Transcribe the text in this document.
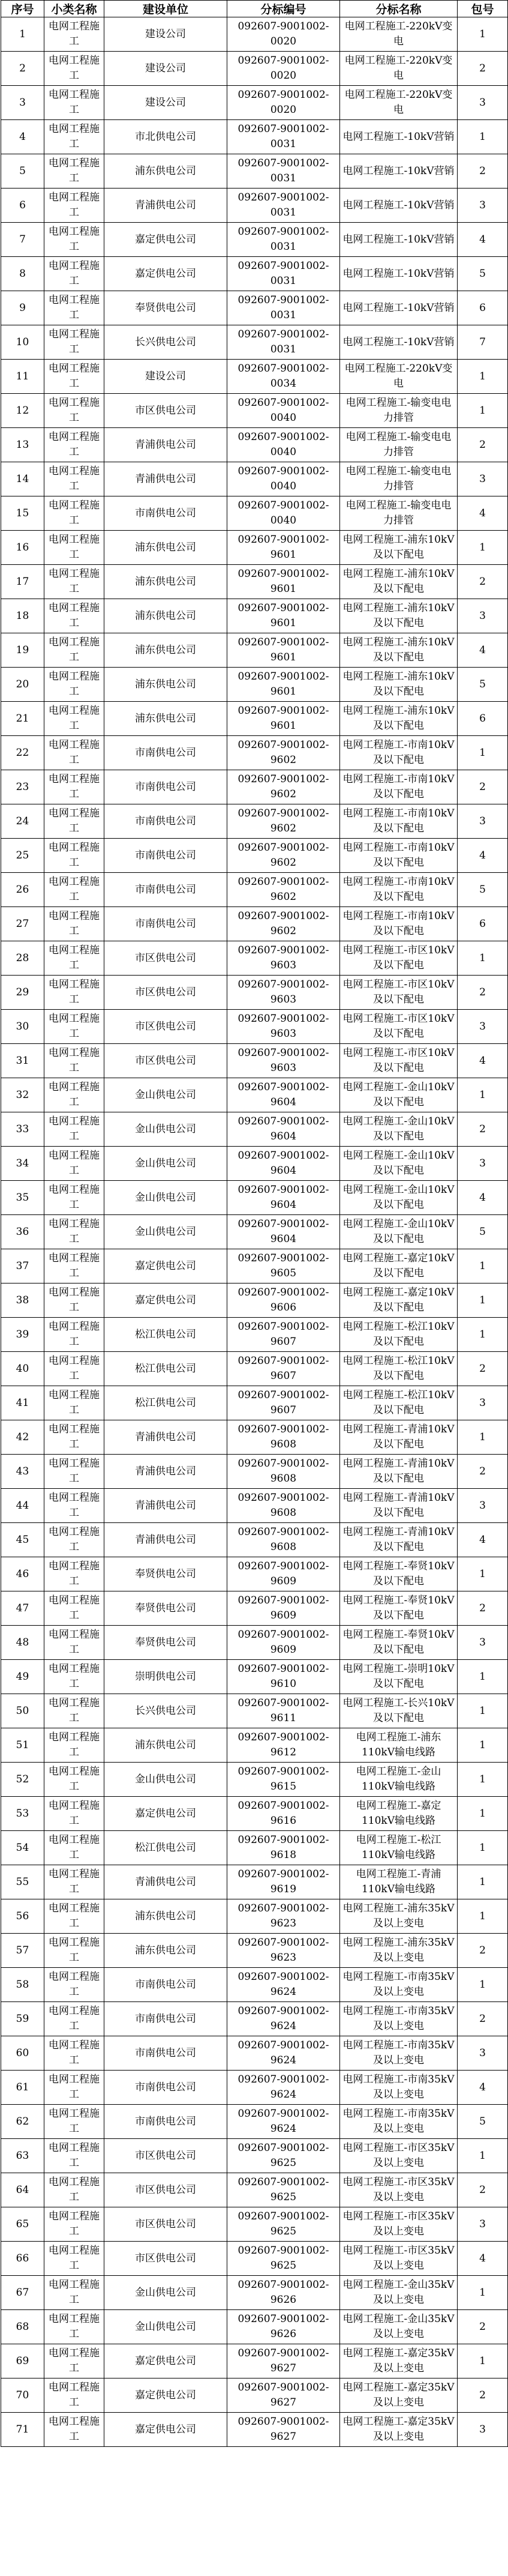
序号	小类名称	建设单位	分标编号	分标名称	包号
1	电网工程施工	建设公司	092607-9001002-0020	电网工程施工-220kV变电	1
2	电网工程施工	建设公司	092607-9001002-0020	电网工程施工-220kV变电	2
3	电网工程施工	建设公司	092607-9001002-0020	电网工程施工-220kV变电	3
4	电网工程施工	市北供电公司	092607-9001002-0031	电网工程施工-10kV营销	1
5	电网工程施工	浦东供电公司	092607-9001002-0031	电网工程施工-10kV营销	2
6	电网工程施工	青浦供电公司	092607-9001002-0031	电网工程施工-10kV营销	3
7	电网工程施工	嘉定供电公司	092607-9001002-0031	电网工程施工-10kV营销	4
8	电网工程施工	嘉定供电公司	092607-9001002-0031	电网工程施工-10kV营销	5
9	电网工程施工	奉贤供电公司	092607-9001002-0031	电网工程施工-10kV营销	6
10	电网工程施工	长兴供电公司	092607-9001002-0031	电网工程施工-10kV营销	7
11	电网工程施工	建设公司	092607-9001002-0034	电网工程施工-220kV变电	1
12	电网工程施工	市区供电公司	092607-9001002-0040	电网工程施工-输变电电力排管	1
13	电网工程施工	青浦供电公司	092607-9001002-0040	电网工程施工-输变电电力排管	2
14	电网工程施工	青浦供电公司	092607-9001002-0040	电网工程施工-输变电电力排管	3
15	电网工程施工	市南供电公司	092607-9001002-0040	电网工程施工-输变电电力排管	4
16	电网工程施工	浦东供电公司	092607-9001002-9601	电网工程施工-浦东10kV及以下配电	1
17	电网工程施工	浦东供电公司	092607-9001002-9601	电网工程施工-浦东10kV及以下配电	2
18	电网工程施工	浦东供电公司	092607-9001002-9601	电网工程施工-浦东10kV及以下配电	3
19	电网工程施工	浦东供电公司	092607-9001002-9601	电网工程施工-浦东10kV及以下配电	4
20	电网工程施工	浦东供电公司	092607-9001002-9601	电网工程施工-浦东10kV及以下配电	5
21	电网工程施工	浦东供电公司	092607-9001002-9601	电网工程施工-浦东10kV及以下配电	6
22	电网工程施工	市南供电公司	092607-9001002-9602	电网工程施工-市南10kV及以下配电	1
23	电网工程施工	市南供电公司	092607-9001002-9602	电网工程施工-市南10kV及以下配电	2
24	电网工程施工	市南供电公司	092607-9001002-9602	电网工程施工-市南10kV及以下配电	3
25	电网工程施工	市南供电公司	092607-9001002-9602	电网工程施工-市南10kV及以下配电	4
26	电网工程施工	市南供电公司	092607-9001002-9602	电网工程施工-市南10kV及以下配电	5
27	电网工程施工	市南供电公司	092607-9001002-9602	电网工程施工-市南10kV及以下配电	6
28	电网工程施工	市区供电公司	092607-9001002-9603	电网工程施工-市区10kV及以下配电	1
29	电网工程施工	市区供电公司	092607-9001002-9603	电网工程施工-市区10kV及以下配电	2
30	电网工程施工	市区供电公司	092607-9001002-9603	电网工程施工-市区10kV及以下配电	3
31	电网工程施工	市区供电公司	092607-9001002-9603	电网工程施工-市区10kV及以下配电	4
32	电网工程施工	金山供电公司	092607-9001002-9604	电网工程施工-金山10kV及以下配电	1
33	电网工程施工	金山供电公司	092607-9001002-9604	电网工程施工-金山10kV及以下配电	2
34	电网工程施工	金山供电公司	092607-9001002-9604	电网工程施工-金山10kV及以下配电	3
35	电网工程施工	金山供电公司	092607-9001002-9604	电网工程施工-金山10kV及以下配电	4
36	电网工程施工	金山供电公司	092607-9001002-9604	电网工程施工-金山10kV及以下配电	5
37	电网工程施工	嘉定供电公司	092607-9001002-9605	电网工程施工-嘉定10kV及以下配电	1
38	电网工程施工	嘉定供电公司	092607-9001002-9606	电网工程施工-嘉定10kV及以下配电	1
39	电网工程施工	松江供电公司	092607-9001002-9607	电网工程施工-松江10kV及以下配电	1
40	电网工程施工	松江供电公司	092607-9001002-9607	电网工程施工-松江10kV及以下配电	2
41	电网工程施工	松江供电公司	092607-9001002-9607	电网工程施工-松江10kV及以下配电	3
42	电网工程施工	青浦供电公司	092607-9001002-9608	电网工程施工-青浦10kV及以下配电	1
43	电网工程施工	青浦供电公司	092607-9001002-9608	电网工程施工-青浦10kV及以下配电	2
44	电网工程施工	青浦供电公司	092607-9001002-9608	电网工程施工-青浦10kV及以下配电	3
45	电网工程施工	青浦供电公司	092607-9001002-9608	电网工程施工-青浦10kV及以下配电	4
46	电网工程施工	奉贤供电公司	092607-9001002-9609	电网工程施工-奉贤10kV及以下配电	1
47	电网工程施工	奉贤供电公司	092607-9001002-9609	电网工程施工-奉贤10kV及以下配电	2
48	电网工程施工	奉贤供电公司	092607-9001002-9609	电网工程施工-奉贤10kV及以下配电	3
49	电网工程施工	崇明供电公司	092607-9001002-9610	电网工程施工-崇明10kV及以下配电	1
50	电网工程施工	长兴供电公司	092607-9001002-9611	电网工程施工-长兴10kV及以下配电	1
51	电网工程施工	浦东供电公司	092607-9001002-9612	电网工程施工-浦东110kV输电线路	1
52	电网工程施工	金山供电公司	092607-9001002-9615	电网工程施工-金山110kV输电线路	1
53	电网工程施工	嘉定供电公司	092607-9001002-9616	电网工程施工-嘉定110kV输电线路	1
54	电网工程施工	松江供电公司	092607-9001002-9618	电网工程施工-松江110kV输电线路	1
55	电网工程施工	青浦供电公司	092607-9001002-9619	电网工程施工-青浦110kV输电线路	1
56	电网工程施工	浦东供电公司	092607-9001002-9623	电网工程施工-浦东35kV及以上变电	1
57	电网工程施工	浦东供电公司	092607-9001002-9623	电网工程施工-浦东35kV及以上变电	2
58	电网工程施工	市南供电公司	092607-9001002-9624	电网工程施工-市南35kV及以上变电	1
59	电网工程施工	市南供电公司	092607-9001002-9624	电网工程施工-市南35kV及以上变电	2
60	电网工程施工	市南供电公司	092607-9001002-9624	电网工程施工-市南35kV及以上变电	3
61	电网工程施工	市南供电公司	092607-9001002-9624	电网工程施工-市南35kV及以上变电	4
62	电网工程施工	市南供电公司	092607-9001002-9624	电网工程施工-市南35kV及以上变电	5
63	电网工程施工	市区供电公司	092607-9001002-9625	电网工程施工-市区35kV及以上变电	1
64	电网工程施工	市区供电公司	092607-9001002-9625	电网工程施工-市区35kV及以上变电	2
65	电网工程施工	市区供电公司	092607-9001002-9625	电网工程施工-市区35kV及以上变电	3
66	电网工程施工	市区供电公司	092607-9001002-9625	电网工程施工-市区35kV及以上变电	4
67	电网工程施工	金山供电公司	092607-9001002-9626	电网工程施工-金山35kV及以上变电	1
68	电网工程施工	金山供电公司	092607-9001002-9626	电网工程施工-金山35kV及以上变电	2
69	电网工程施工	嘉定供电公司	092607-9001002-9627	电网工程施工-嘉定35kV及以上变电	1
70	电网工程施工	嘉定供电公司	092607-9001002-9627	电网工程施工-嘉定35kV及以上变电	2
71	电网工程施工	嘉定供电公司	092607-9001002-9627	电网工程施工-嘉定35kV及以上变电	3
